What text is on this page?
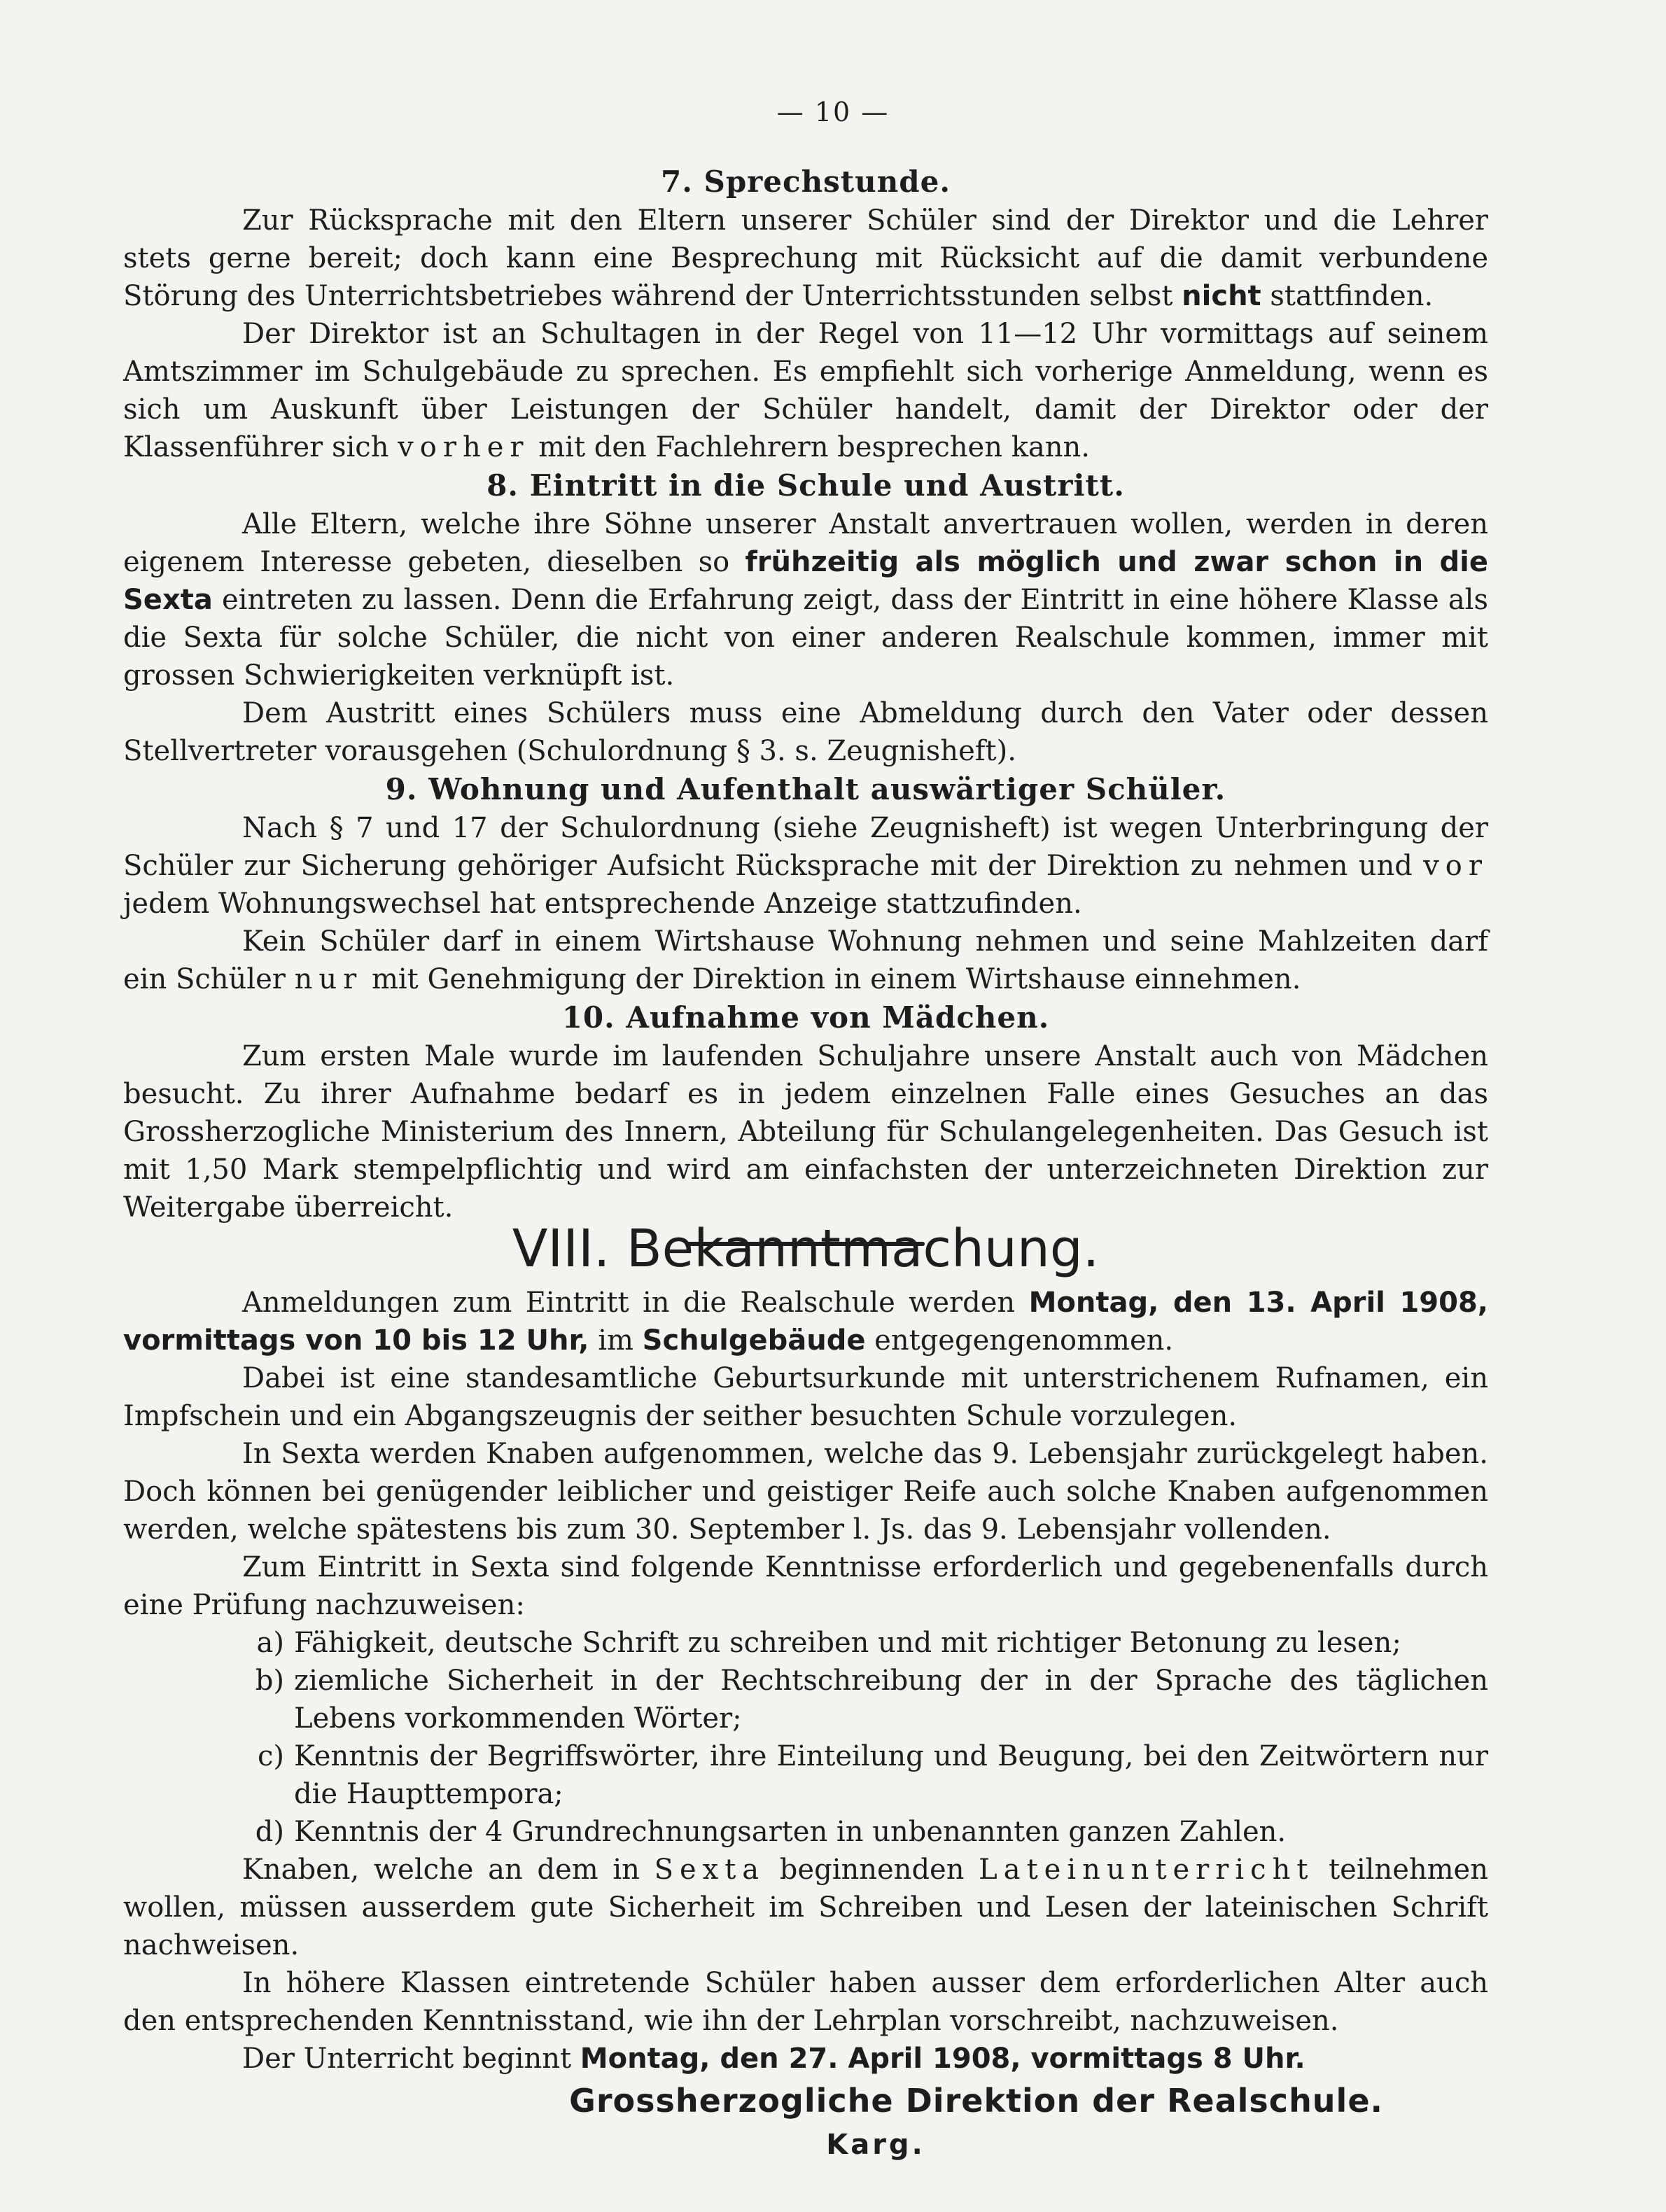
— 10 —
7. Sprechstunde.

Zur Rücksprache mit den Eltern unserer Schüler sind der Direktor und die Lehrer stets gerne bereit; doch kann eine Besprechung mit Rücksicht auf die damit verbundene Störung des Unterrichtsbetriebes während der Unterrichtsstunden selbst nicht stattfinden.

Der Direktor ist an Schultagen in der Regel von 11—12 Uhr vormittags auf seinem Amtszimmer im Schulgebäude zu sprechen. Es empfiehlt sich vorherige Anmeldung, wenn es sich um Auskunft über Leistungen der Schüler handelt, damit der Direktor oder der Klassenführer sich vorher mit den Fachlehrern besprechen kann.

8. Eintritt in die Schule und Austritt.

Alle Eltern, welche ihre Söhne unserer Anstalt anvertrauen wollen, werden in deren eigenem Interesse gebeten, dieselben so frühzeitig als möglich und zwar schon in die Sexta eintreten zu lassen. Denn die Erfahrung zeigt, dass der Eintritt in eine höhere Klasse als die Sexta für solche Schüler, die nicht von einer anderen Realschule kommen, immer mit grossen Schwierigkeiten verknüpft ist.

Dem Austritt eines Schülers muss eine Abmeldung durch den Vater oder dessen Stellvertreter vorausgehen (Schulordnung § 3. s. Zeugnisheft).

9. Wohnung und Aufenthalt auswärtiger Schüler.

Nach § 7 und 17 der Schulordnung (siehe Zeugnisheft) ist wegen Unterbringung der Schüler zur Sicherung gehöriger Aufsicht Rücksprache mit der Direktion zu nehmen und vor jedem Wohnungswechsel hat entsprechende Anzeige stattzufinden.

Kein Schüler darf in einem Wirtshause Wohnung nehmen und seine Mahlzeiten darf ein Schüler nur mit Genehmigung der Direktion in einem Wirtshause einnehmen.

10. Aufnahme von Mädchen.

Zum ersten Male wurde im laufenden Schuljahre unsere Anstalt auch von Mädchen besucht. Zu ihrer Aufnahme bedarf es in jedem einzelnen Falle eines Gesuches an das Grossherzogliche Ministerium des Innern, Abteilung für Schulangelegenheiten. Das Gesuch ist mit 1,50 Mark stempelpflichtig und wird am einfachsten der unterzeichneten Direktion zur Weitergabe überreicht.

VIII. Bekanntmachung.

Anmeldungen zum Eintritt in die Realschule werden Montag, den 13. April 1908, vormittags von 10 bis 12 Uhr, im Schulgebäude entgegengenommen.

Dabei ist eine standesamtliche Geburtsurkunde mit unterstrichenem Rufnamen, ein Impfschein und ein Abgangszeugnis der seither besuchten Schule vorzulegen.

In Sexta werden Knaben aufgenommen, welche das 9. Lebensjahr zurückgelegt haben. Doch können bei genügender leiblicher und geistiger Reife auch solche Knaben aufgenommen werden, welche spätestens bis zum 30. September l. Js. das 9. Lebensjahr vollenden.

Zum Eintritt in Sexta sind folgende Kenntnisse erforderlich und gegebenenfalls durch eine Prüfung nachzuweisen:

a) Fähigkeit, deutsche Schrift zu schreiben und mit richtiger Betonung zu lesen;
b) ziemliche Sicherheit in der Rechtschreibung der in der Sprache des täglichen Lebens vorkommenden Wörter;
c) Kenntnis der Begriffswörter, ihre Einteilung und Beugung, bei den Zeitwörtern nur die Haupttempora;
d) Kenntnis der 4 Grundrechnungsarten in unbenannten ganzen Zahlen.

Knaben, welche an dem in Sexta beginnenden Lateinunterricht teilnehmen wollen, müssen ausserdem gute Sicherheit im Schreiben und Lesen der lateinischen Schrift nachweisen.

In höhere Klassen eintretende Schüler haben ausser dem erforderlichen Alter auch den entsprechenden Kenntnisstand, wie ihn der Lehrplan vorschreibt, nachzuweisen.

Der Unterricht beginnt Montag, den 27. April 1908, vormittags 8 Uhr.

Grossherzogliche Direktion der Realschule.
Karg.
